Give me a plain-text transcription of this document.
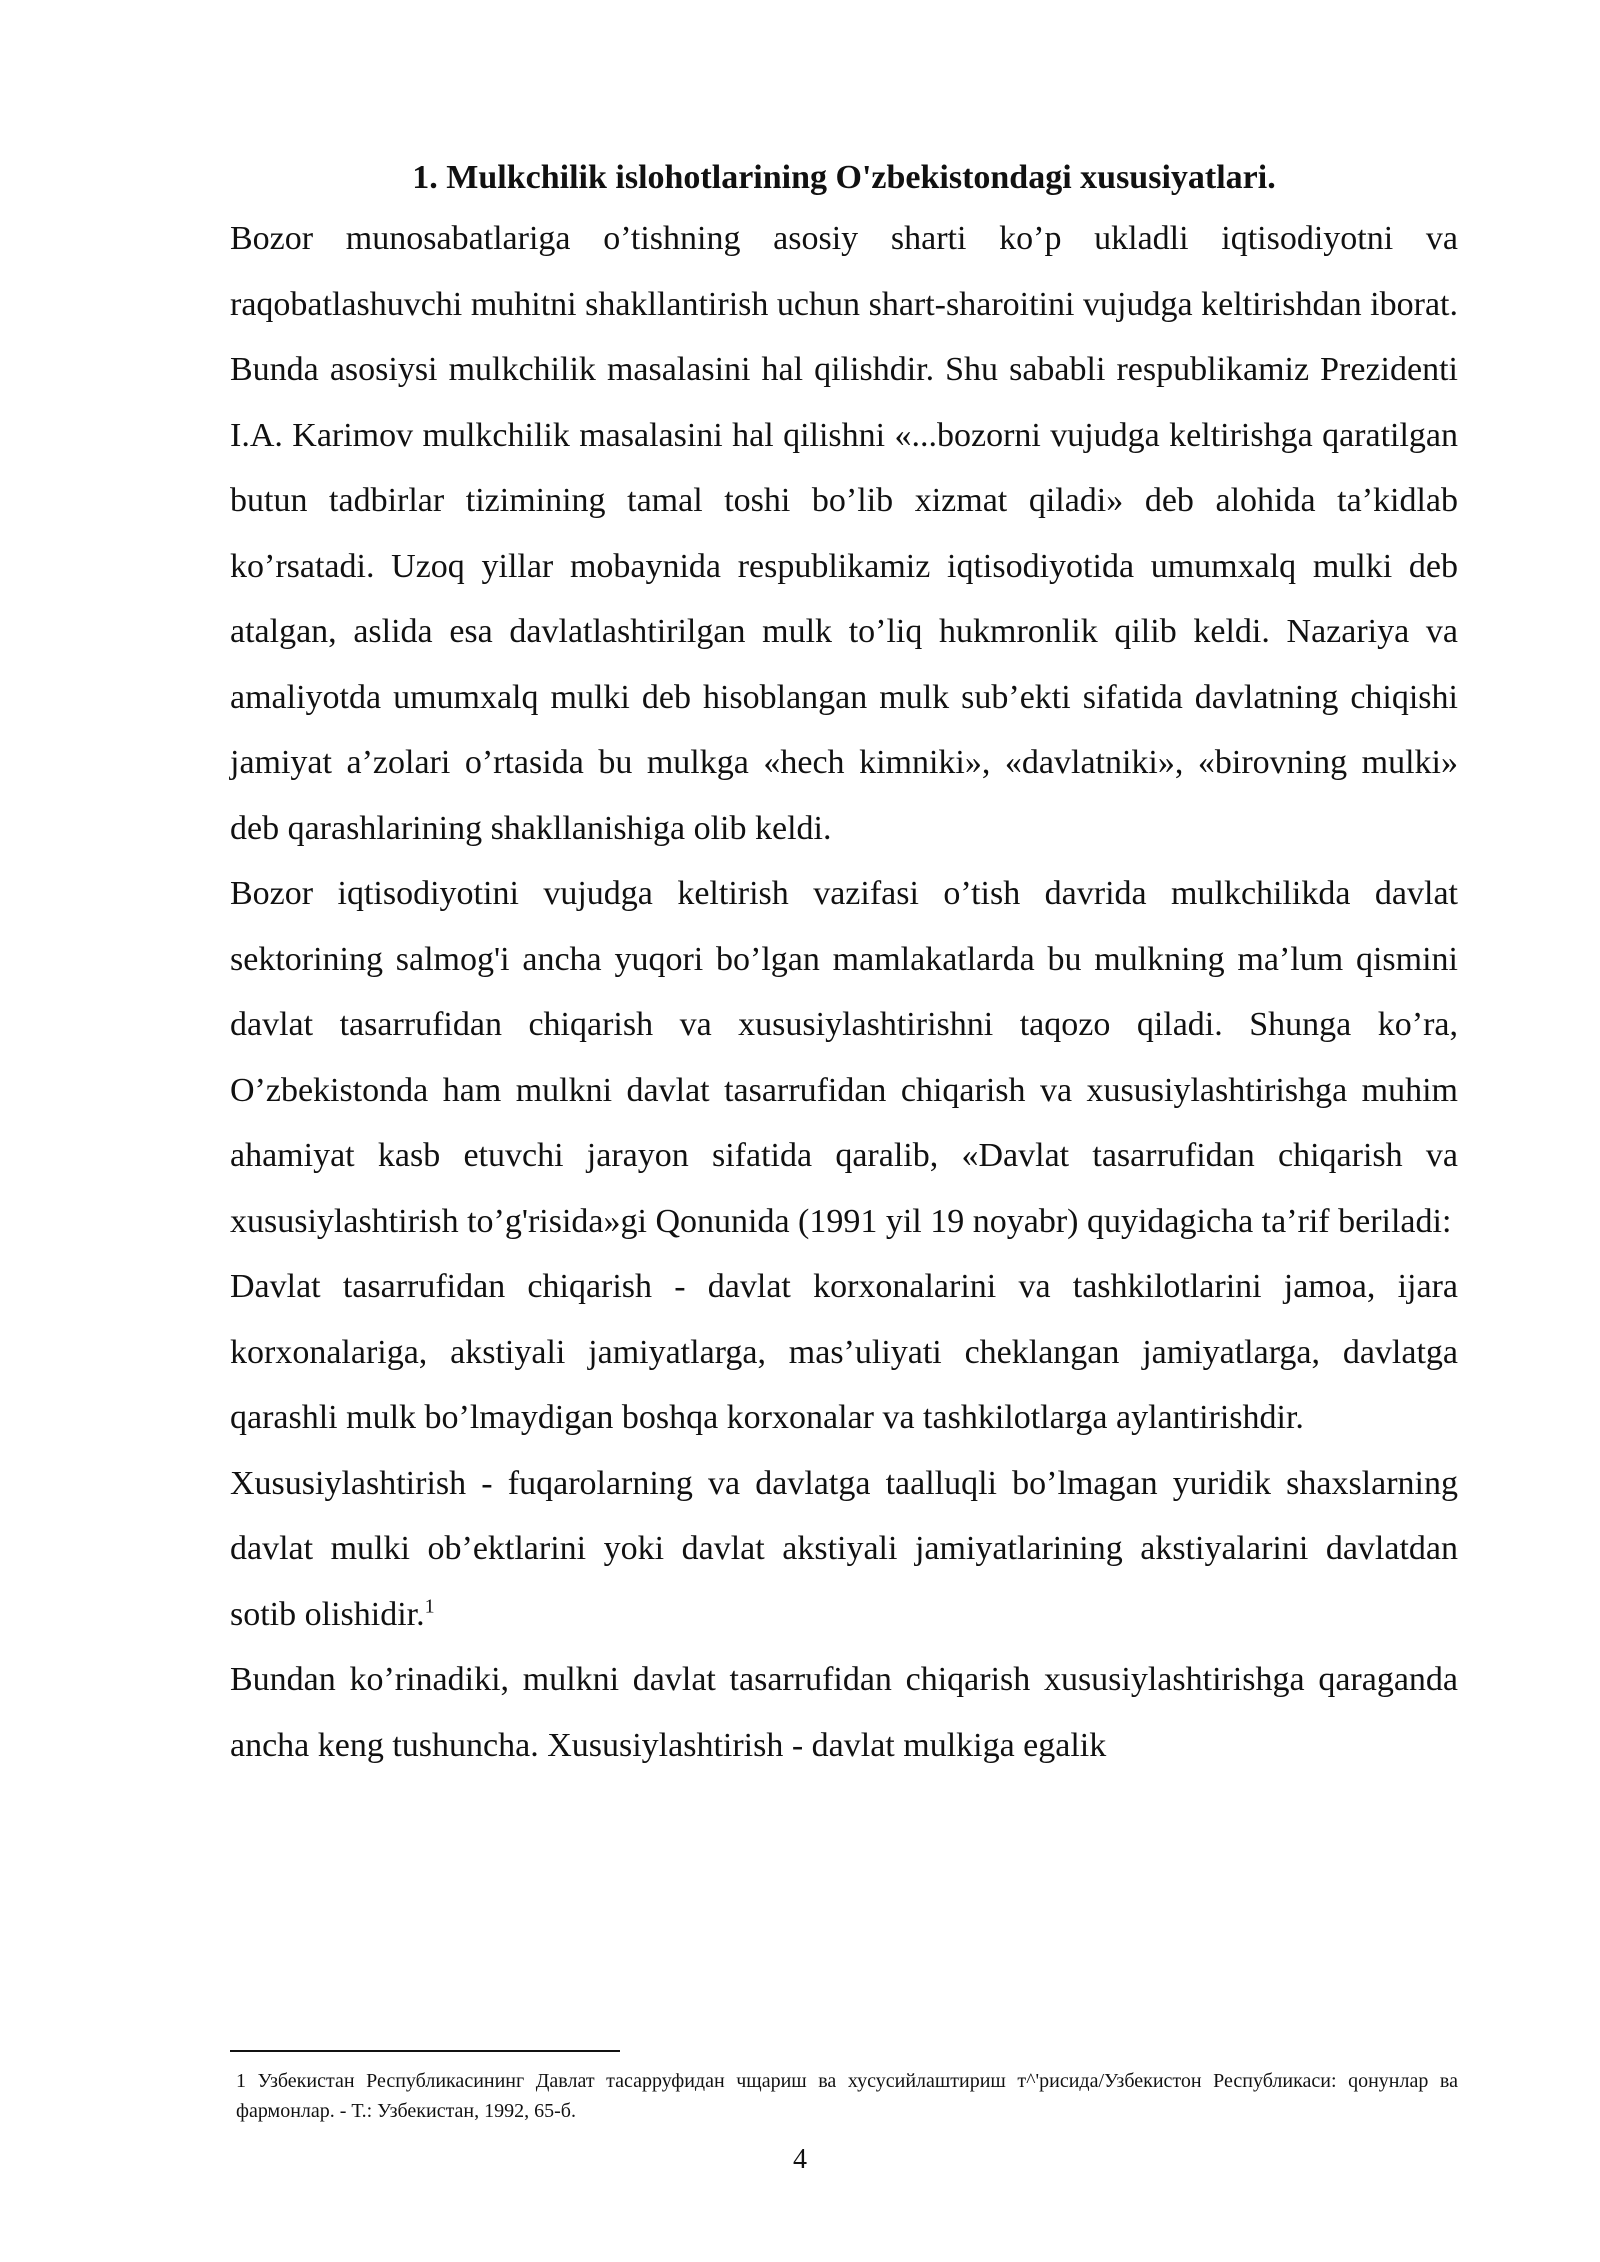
1. Mulkchilik islohotlarining O'zbekistondagi xususiyatlari.

Bozor munosabatlariga o’tishning asosiy sharti ko’p ukladli iqtisodiyotni va raqobatlashuvchi muhitni shakllantirish uchun shart-sharoitini vujudga keltirishdan iborat. Bunda asosiysi mulkchilik masalasini hal qilishdir. Shu sababli respublikamiz Prezidenti I.A. Karimov mulkchilik masalasini hal qilishni «...bozorni vujudga keltirishga qaratilgan butun tadbirlar tizimining tamal toshi bo’lib xizmat qiladi» deb alohida ta’kidlab ko’rsatadi. Uzoq yillar mobaynida respublikamiz iqtisodiyotida umumxalq mulki deb atalgan, aslida esa davlatlashtirilgan mulk to’liq hukmronlik qilib keldi. Nazariya va amaliyotda umumxalq mulki deb hisoblangan mulk sub’ekti sifatida davlatning chiqishi jamiyat a’zolari o’rtasida bu mulkga «hech kimniki», «davlatniki», «birovning mulki» deb qarashlarining shakllanishiga olib keldi.

Bozor iqtisodiyotini vujudga keltirish vazifasi o’tish davrida mulkchilikda davlat sektorining salmog'i ancha yuqori bo’lgan mamlakatlarda bu mulkning ma’lum qismini davlat tasarrufidan chiqarish va xususiylashtirishni taqozo qiladi. Shunga ko’ra, O’zbekistonda ham mulkni davlat tasarrufidan chiqarish va xususiylashtirishga muhim ahamiyat kasb etuvchi jarayon sifatida qaralib, «Davlat tasarrufidan chiqarish va xususiylashtirish to’g'risida»gi Qonunida (1991 yil 19 noyabr) quyidagicha ta’rif beriladi:

Davlat tasarrufidan chiqarish - davlat korxonalarini va tashkilotlarini jamoa, ijara korxonalariga, akstiyali jamiyatlarga, mas’uliyati cheklangan jamiyatlarga, davlatga qarashli mulk bo’lmaydigan boshqa korxonalar va tashkilotlarga aylantirishdir.

Xususiylashtirish - fuqarolarning va davlatga taalluqli bo’lmagan yuridik shaxslarning davlat mulki ob’ektlarini yoki davlat akstiyali jamiyatlarining akstiyalarini davlatdan sotib olishidir.$^1$

Bundan ko’rinadiki, mulkni davlat tasarrufidan chiqarish xususiylashtirishga qaraganda ancha keng tushuncha. Xususiylashtirish - davlat mulkiga egalik

1 Узбекистан Республикасининг Давлат тасарруфидан чщариш ва хусусийлаштириш т^'рисида/Узбекистон Республикаси: qонунлар ва фармонлар. - Т.: Узбекистан, 1992, 65-б.

4
